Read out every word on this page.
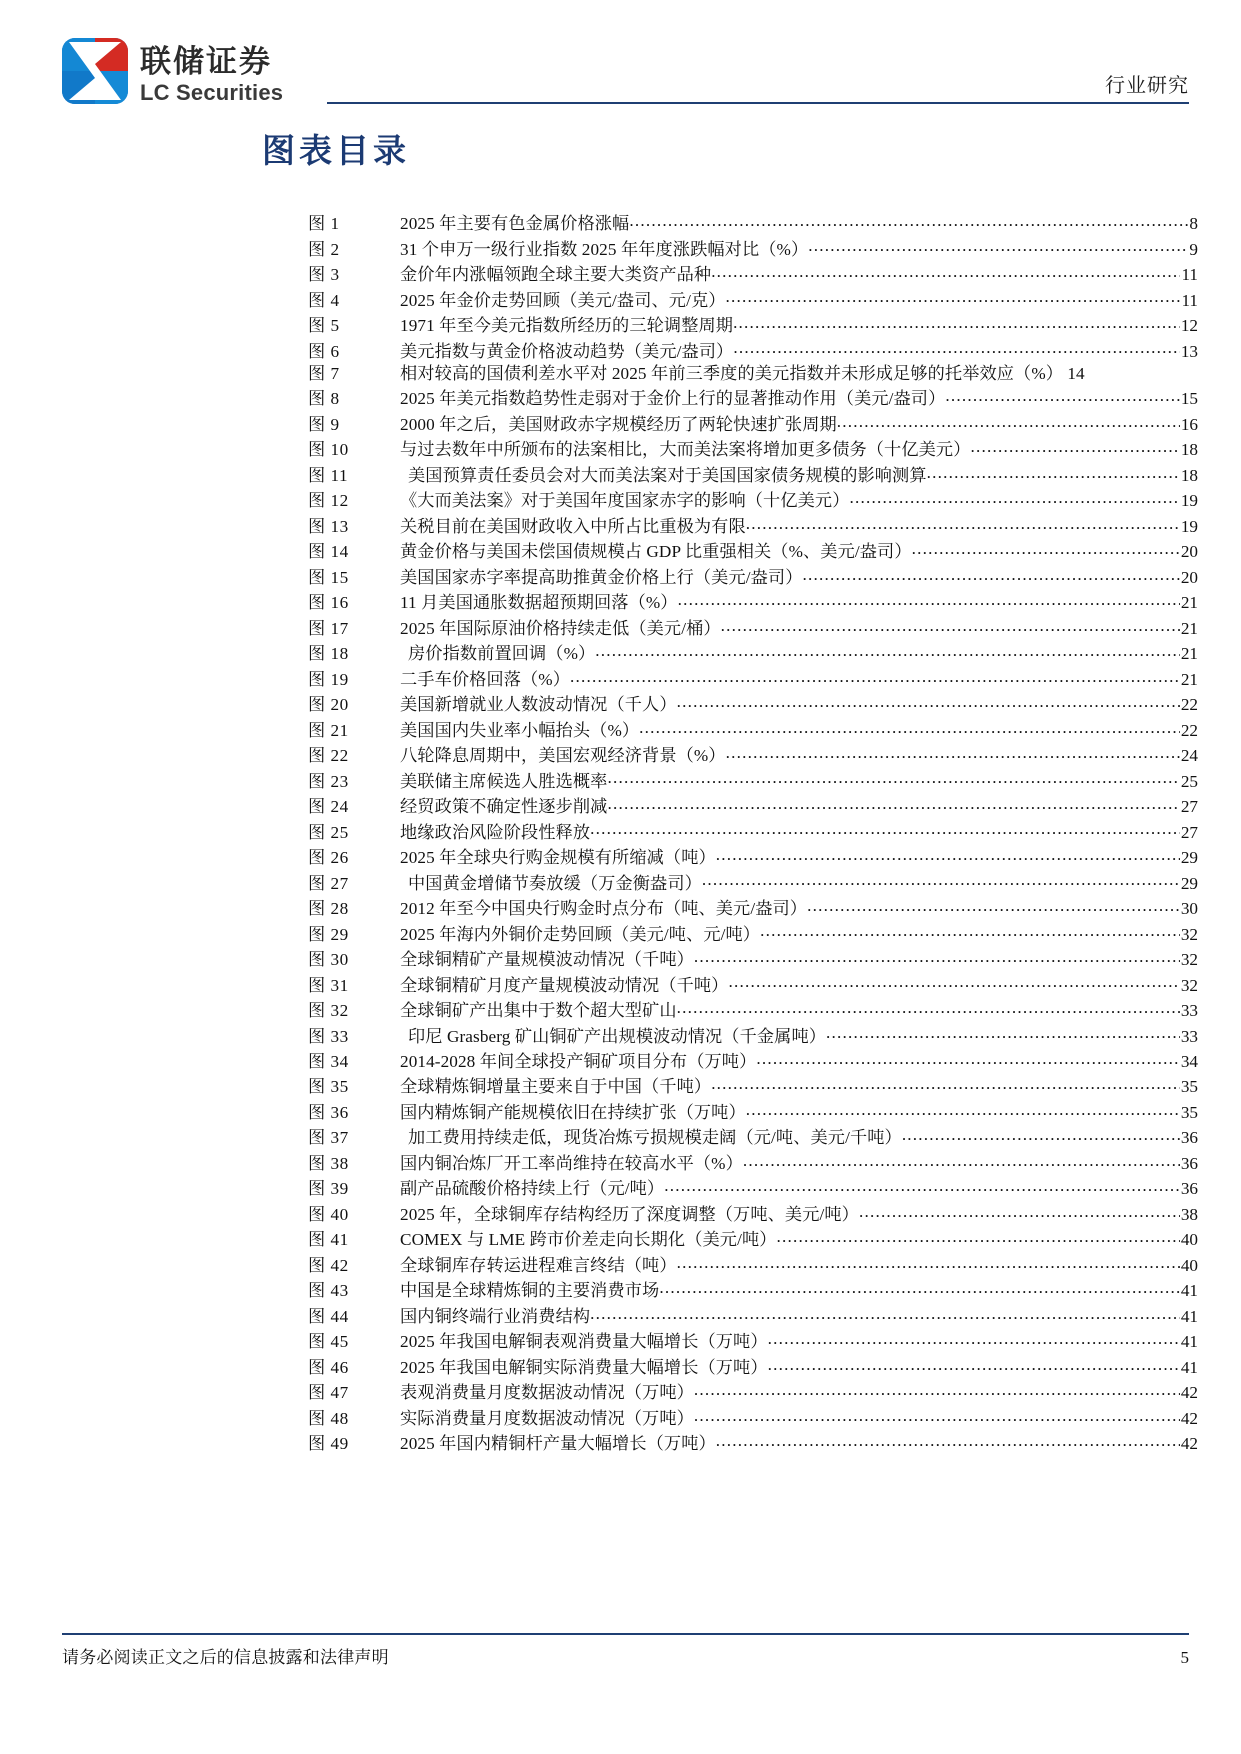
联储证券
LC Securities	行业研究
图表目录
图 1	2025 年主要有色金属价格涨幅 .....	8
图 2	31 个申万一级行业指数 2025 年年度涨跌幅对比（%） .....	9
图 3	金价年内涨幅领跑全球主要大类资产品种 .....	11
图 4	2025 年金价走势回顾（美元/盎司、元/克） .....	11
图 5	1971 年至今美元指数所经历的三轮调整周期 .....	12
图 6	美元指数与黄金价格波动趋势（美元/盎司） .....	13
图 7	相对较高的国债利差水平对 2025 年前三季度的美元指数并未形成足够的托举效应（%） 14
图 8	2025 年美元指数趋势性走弱对于金价上行的显著推动作用（美元/盎司） .....	15
图 9	2000 年之后，美国财政赤字规模经历了两轮快速扩张周期 .....	16
图 10	与过去数年中所颁布的法案相比，大而美法案将增加更多债务（十亿美元） .....	18
图 11	美国预算责任委员会对大而美法案对于美国国家债务规模的影响测算 .....	18
图 12	《大而美法案》对于美国年度国家赤字的影响（十亿美元） .....	19
图 13	关税目前在美国财政收入中所占比重极为有限 .....	19
图 14	黄金价格与美国未偿国债规模占 GDP 比重强相关（%、美元/盎司） .....	20
图 15	美国国家赤字率提高助推黄金价格上行（美元/盎司） .....	20
图 16	11 月美国通胀数据超预期回落（%） .....	21
图 17	2025 年国际原油价格持续走低（美元/桶） .....	21
图 18	房价指数前置回调（%） .....	21
图 19	二手车价格回落（%） .....	21
图 20	美国新增就业人数波动情况（千人） .....	22
图 21	美国国内失业率小幅抬头（%） .....	22
图 22	八轮降息周期中，美国宏观经济背景（%） .....	24
图 23	美联储主席候选人胜选概率 .....	25
图 24	经贸政策不确定性逐步削减 .....	27
图 25	地缘政治风险阶段性释放 .....	27
图 26	2025 年全球央行购金规模有所缩减（吨） .....	29
图 27	中国黄金增储节奏放缓（万金衡盎司） .....	29
图 28	2012 年至今中国央行购金时点分布（吨、美元/盎司） .....	30
图 29	2025 年海内外铜价走势回顾（美元/吨、元/吨） .....	32
图 30	全球铜精矿产量规模波动情况（千吨） .....	32
图 31	全球铜精矿月度产量规模波动情况（千吨） .....	32
图 32	全球铜矿产出集中于数个超大型矿山 .....	33
图 33	印尼 Grasberg 矿山铜矿产出规模波动情况（千金属吨） .....	33
图 34	2014-2028 年间全球投产铜矿项目分布（万吨） .....	34
图 35	全球精炼铜增量主要来自于中国（千吨） .....	35
图 36	国内精炼铜产能规模依旧在持续扩张（万吨） .....	35
图 37	加工费用持续走低，现货冶炼亏损规模走阔（元/吨、美元/千吨） .....	36
图 38	国内铜冶炼厂开工率尚维持在较高水平（%） .....	36
图 39	副产品硫酸价格持续上行（元/吨） .....	36
图 40	2025 年，全球铜库存结构经历了深度调整（万吨、美元/吨） .....	38
图 41	COMEX 与 LME 跨市价差走向长期化（美元/吨） .....	40
图 42	全球铜库存转运进程难言终结（吨） .....	40
图 43	中国是全球精炼铜的主要消费市场 .....	41
图 44	国内铜终端行业消费结构 .....	41
图 45	2025 年我国电解铜表观消费量大幅增长（万吨） .....	41
图 46	2025 年我国电解铜实际消费量大幅增长（万吨） .....	41
图 47	表观消费量月度数据波动情况（万吨） .....	42
图 48	实际消费量月度数据波动情况（万吨） .....	42
图 49	2025 年国内精铜杆产量大幅增长（万吨） .....	42
请务必阅读正文之后的信息披露和法律声明	5
